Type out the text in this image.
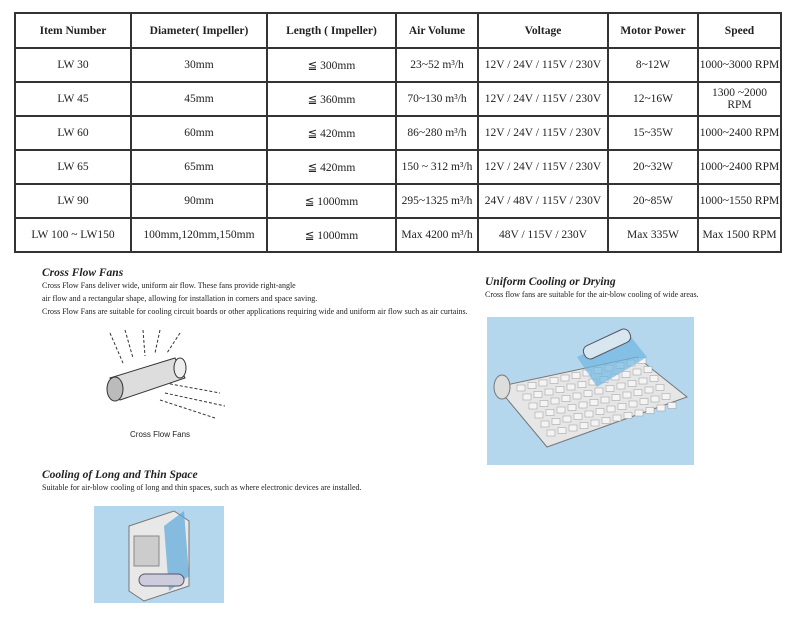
Item Number	Diameter( Impeller)	Length ( Impeller)	Air Volume	Voltage	Motor Power	Speed
LW 30	30mm	≦ 300mm	23~52 m³/h	12V / 24V / 115V / 230V	8~12W	1000~3000 RPM
LW 45	45mm	≦ 360mm	70~130 m³/h	12V / 24V / 115V / 230V	12~16W	1300 ~2000 RPM
LW 60	60mm	≦ 420mm	86~280 m³/h	12V / 24V / 115V / 230V	15~35W	1000~2400 RPM
LW 65	65mm	≦ 420mm	150 ~ 312 m³/h	12V / 24V / 115V / 230V	20~32W	1000~2400 RPM
LW 90	90mm	≦ 1000mm	295~1325 m³/h	24V / 48V / 115V / 230V	20~85W	1000~1550 RPM
LW 100 ~ LW150	100mm,120mm,150mm	≦ 1000mm	Max 4200 m³/h	48V / 115V / 230V	Max 335W	Max 1500 RPM
Cross Flow Fans
Cross Flow Fans deliver wide, uniform air flow. These fans provide right-angle
air flow and a rectangular shape, allowing for installation in corners and space saving.
Cross Flow Fans are suitable for cooling circuit boards or other applications requiring wide and uniform air flow such as air curtains.
Cross Flow Fans
Uniform Cooling or Drying
Cross flow fans are suitable for the air-blow cooling of wide areas.
Cooling of Long and Thin Space
Suitable for air-blow cooling of long and thin spaces, such as where electronic devices are installed.
